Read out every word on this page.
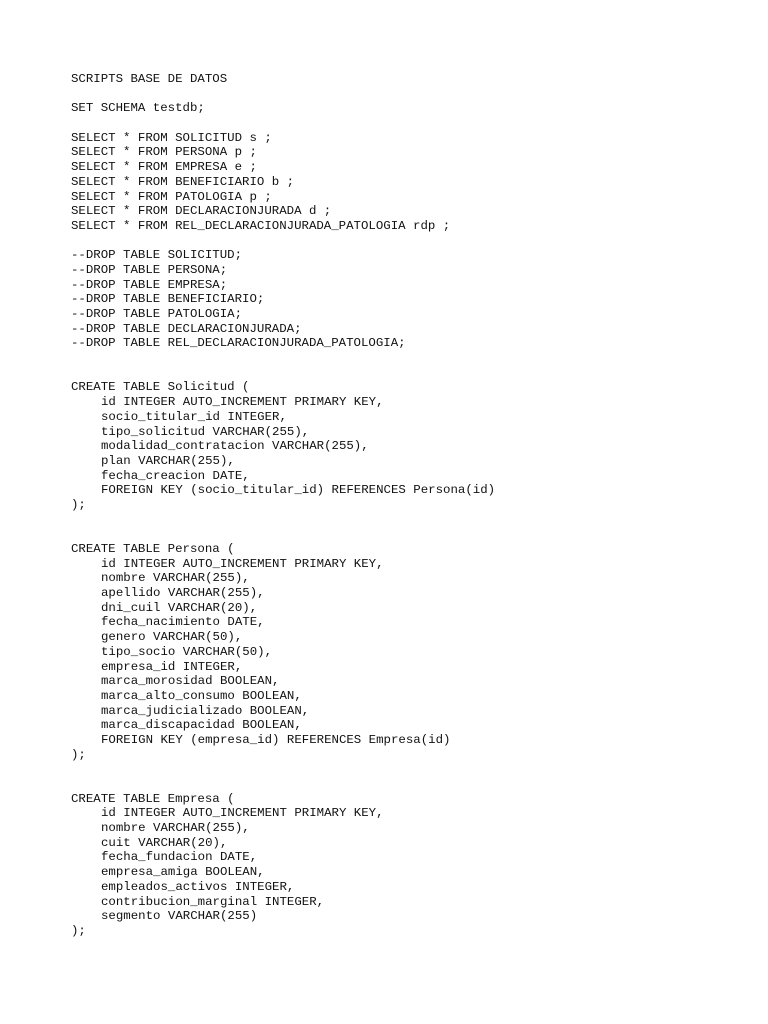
SCRIPTS BASE DE DATOS
SET SCHEMA testdb;
SELECT * FROM SOLICITUD s ;
SELECT * FROM PERSONA p ;
SELECT * FROM EMPRESA e ;
SELECT * FROM BENEFICIARIO b ;
SELECT * FROM PATOLOGIA p ;
SELECT * FROM DECLARACIONJURADA d ;
SELECT * FROM REL_DECLARACIONJURADA_PATOLOGIA rdp ;
--DROP TABLE SOLICITUD;
--DROP TABLE PERSONA;
--DROP TABLE EMPRESA;
--DROP TABLE BENEFICIARIO;
--DROP TABLE PATOLOGIA;
--DROP TABLE DECLARACIONJURADA;
--DROP TABLE REL_DECLARACIONJURADA_PATOLOGIA;
CREATE TABLE Solicitud (
id INTEGER AUTO_INCREMENT PRIMARY KEY,
socio_titular_id INTEGER,
tipo_solicitud VARCHAR(255),
modalidad_contratacion VARCHAR(255),
plan VARCHAR(255),
fecha_creacion DATE,
FOREIGN KEY (socio_titular_id) REFERENCES Persona(id)
);
CREATE TABLE Persona (
id INTEGER AUTO_INCREMENT PRIMARY KEY,
nombre VARCHAR(255),
apellido VARCHAR(255),
dni_cuil VARCHAR(20),
fecha_nacimiento DATE,
genero VARCHAR(50),
tipo_socio VARCHAR(50),
empresa_id INTEGER,
marca_morosidad BOOLEAN,
marca_alto_consumo BOOLEAN,
marca_judicializado BOOLEAN,
marca_discapacidad BOOLEAN,
FOREIGN KEY (empresa_id) REFERENCES Empresa(id)
);
CREATE TABLE Empresa (
id INTEGER AUTO_INCREMENT PRIMARY KEY,
nombre VARCHAR(255),
cuit VARCHAR(20),
fecha_fundacion DATE,
empresa_amiga BOOLEAN,
empleados_activos INTEGER,
contribucion_marginal INTEGER,
segmento VARCHAR(255)
);
